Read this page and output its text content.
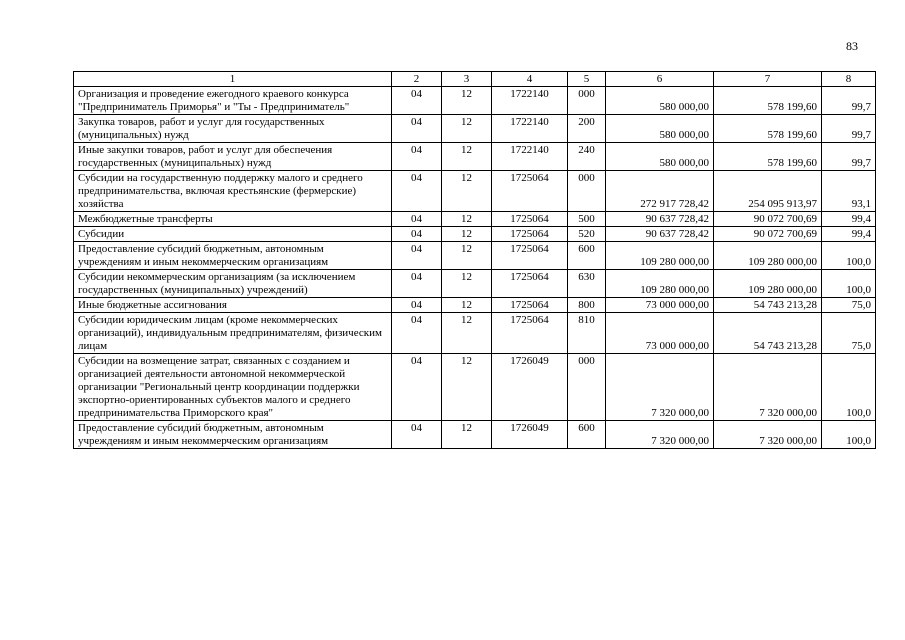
83
1	2	3	4	5	6	7	8
Организация и проведение ежегодного краевого конкурса "Предприниматель Приморья" и "Ты - Предприниматель"	04	12	1722140	000	580 000,00	578 199,60	99,7
Закупка товаров, работ и услуг для государственных (муниципальных) нужд	04	12	1722140	200	580 000,00	578 199,60	99,7
Иные закупки товаров, работ и услуг для обеспечения государственных (муниципальных) нужд	04	12	1722140	240	580 000,00	578 199,60	99,7
Субсидии на государственную поддержку малого и среднего предпринимательства, включая крестьянские (фермерские) хозяйства	04	12	1725064	000	272 917 728,42	254 095 913,97	93,1
Межбюджетные трансферты	04	12	1725064	500	90 637 728,42	90 072 700,69	99,4
Субсидии	04	12	1725064	520	90 637 728,42	90 072 700,69	99,4
Предоставление субсидий бюджетным, автономным учреждениям и иным некоммерческим организациям	04	12	1725064	600	109 280 000,00	109 280 000,00	100,0
Субсидии некоммерческим организациям (за исключением государственных (муниципальных) учреждений)	04	12	1725064	630	109 280 000,00	109 280 000,00	100,0
Иные бюджетные ассигнования	04	12	1725064	800	73 000 000,00	54 743 213,28	75,0
Субсидии юридическим лицам (кроме некоммерческих организаций), индивидуальным предпринимателям, физическим лицам	04	12	1725064	810	73 000 000,00	54 743 213,28	75,0
Субсидии на возмещение затрат, связанных с созданием и организацией деятельности автономной некоммерческой организации "Региональный центр координации поддержки экспортно-ориентированных субъектов малого и среднего предпринимательства Приморского края"	04	12	1726049	000	7 320 000,00	7 320 000,00	100,0
Предоставление субсидий бюджетным, автономным учреждениям и иным некоммерческим организациям	04	12	1726049	600	7 320 000,00	7 320 000,00	100,0
